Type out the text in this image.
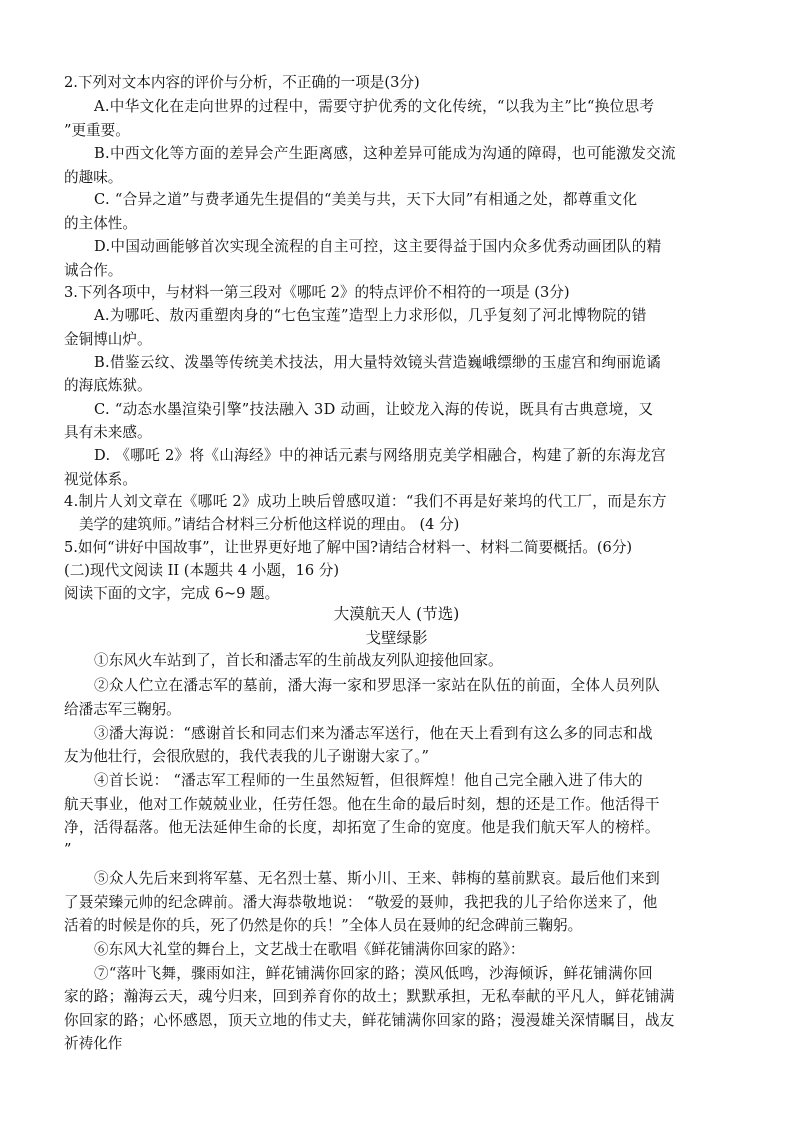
2.下列对文本内容的评价与分析，不正确的一项是(3分)
A.中华文化在走向世界的过程中，需要守护优秀的文化传统，“以我为主”比“换位思考
”更重要。
B.中西文化等方面的差异会产生距离感，这种差异可能成为沟通的障碍，也可能激发交流
的趣味。
C. “合异之道”与费孝通先生提倡的“美美与共，天下大同”有相通之处，都尊重文化
的主体性。
D.中国动画能够首次实现全流程的自主可控，这主要得益于国内众多优秀动画团队的精
诚合作。
3.下列各项中，与材料一第三段对《哪吒 2》的特点评价不相符的一项是 (3分)
A.为哪吒、敖丙重塑肉身的“七色宝莲”造型上力求形似，几乎复刻了河北博物院的错
金铜博山炉。
B.借鉴云纹、泼墨等传统美术技法，用大量特效镜头营造巍峨缥缈的玉虚宫和绚丽诡谲
的海底炼狱。
C. “动态水墨渲染引擎”技法融入 3D 动画，让蛟龙入海的传说，既具有古典意境，又
具有未来感。
D. 《哪吒 2》将《山海经》中的神话元素与网络朋克美学相融合，构建了新的东海龙宫
视觉体系。
4.制片人刘文章在《哪吒 2》成功上映后曾感叹道：“我们不再是好莱坞的代工厂，而是东方
美学的建筑师。”请结合材料三分析他这样说的理由。 (4 分)
5.如何“讲好中国故事”，让世界更好地了解中国?请结合材料一、材料二简要概括。(6分)
(二)现代文阅读 II (本题共 4 小题，16 分)
阅读下面的文字，完成 6~9 题。
大漠航天人 (节选)
戈壁绿影
①东风火车站到了，首长和潘志军的生前战友列队迎接他回家。
②众人伫立在潘志军的墓前，潘大海一家和罗思泽一家站在队伍的前面，全体人员列队
给潘志军三鞠躬。
③潘大海说：“感谢首长和同志们来为潘志军送行，他在天上看到有这么多的同志和战
友为他壮行，会很欣慰的，我代表我的儿子谢谢大家了。”
④首长说： “潘志军工程师的一生虽然短暂，但很辉煌！他自己完全融入进了伟大的
航天事业，他对工作兢兢业业，任劳任怨。他在生命的最后时刻，想的还是工作。他活得干
净，活得磊落。他无法延伸生命的长度，却拓宽了生命的宽度。他是我们航天军人的榜样。
”
⑤众人先后来到将军墓、无名烈士墓、斯小川、王来、韩梅的墓前默哀。最后他们来到
了聂荣臻元帅的纪念碑前。潘大海恭敬地说： “敬爱的聂帅，我把我的儿子给你送来了，他
活着的时候是你的兵，死了仍然是你的兵！”全体人员在聂帅的纪念碑前三鞠躬。
⑥东风大礼堂的舞台上，文艺战士在歌唱《鲜花铺满你回家的路》：
⑦“落叶飞舞，骤雨如注，鲜花铺满你回家的路；漠风低鸣，沙海倾诉，鲜花铺满你回
家的路；瀚海云天，魂兮归来，回到养育你的故土；默默承担，无私奉献的平凡人，鲜花铺满
你回家的路；心怀感恩，顶天立地的伟丈夫，鲜花铺满你回家的路；漫漫雄关深情瞩目，战友
祈祷化作
